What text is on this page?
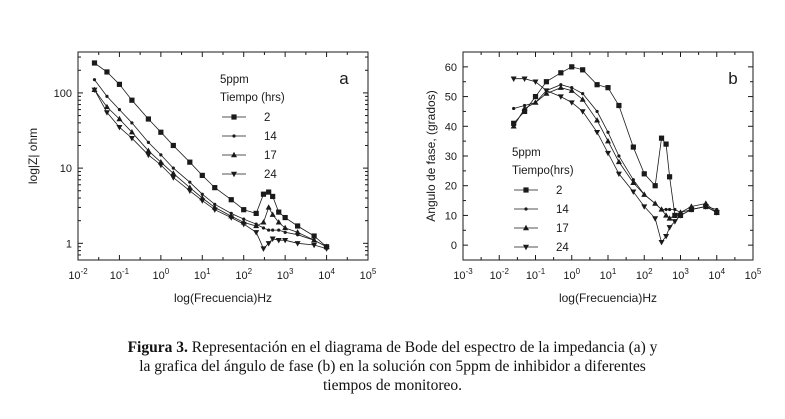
$10^{-2}$ $10^{-1}$ $10^0$ $10^1$ $10^2$ $10^3$ $10^4$ $10^5$
1
10
100
log(Frecuencia)Hz
log|Z| ohm
a
5ppm
Tiempo (hrs)
2
14
17
24
$10^{-3}$ $10^{-2}$ $10^{-1}$ $10^0$ $10^1$ $10^2$ $10^3$ $10^4$ $10^5$
0
10
20
30
40
50
60
log(Frecuencia)Hz
Angulo de fase, (grados)
b
5ppm
Tiempo(hrs)
2
14
17
24
Figura 3. Representación en el diagrama de Bode del espectro de la impedancia (a) y
la grafica del ángulo de fase (b) en la solución con 5ppm de inhibidor a diferentes
tiempos de monitoreo.
